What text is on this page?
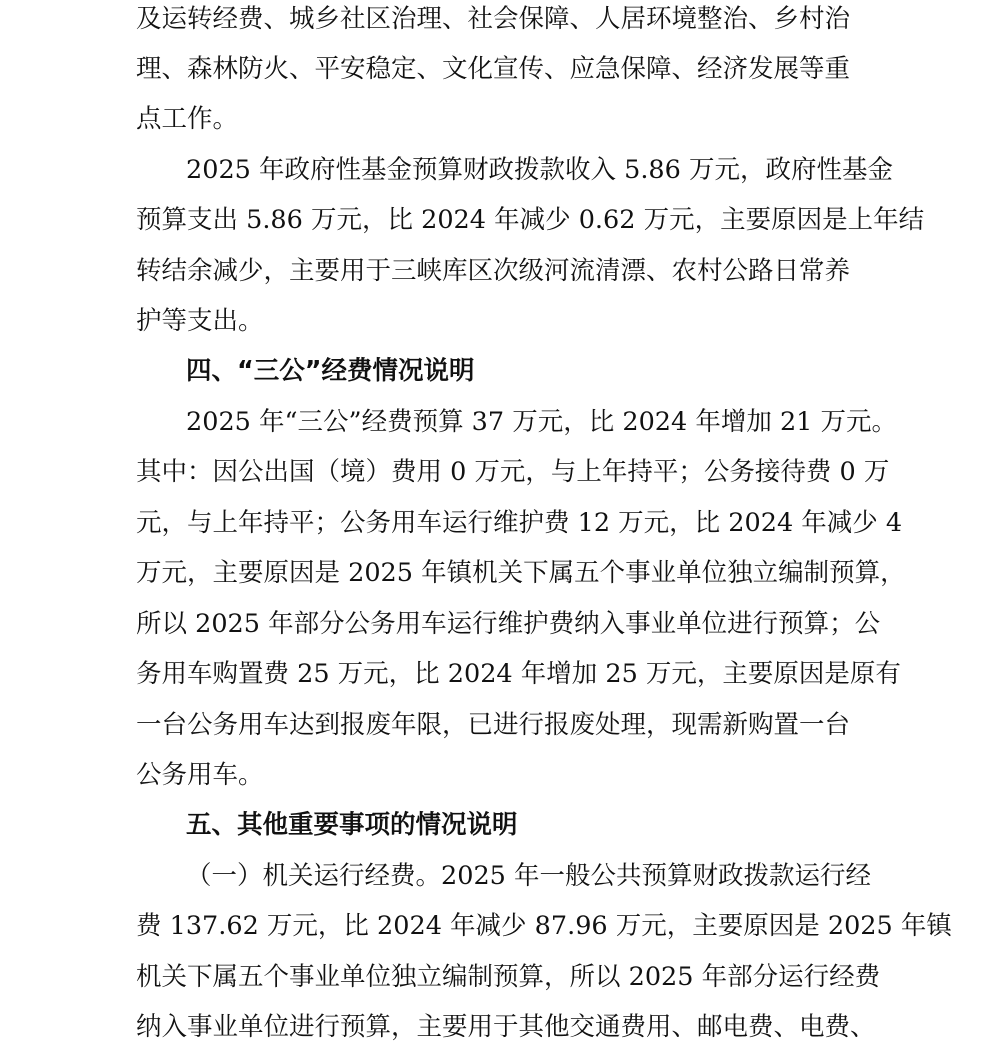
及运转经费、城乡社区治理、社会保障、人居环境整治、乡村治
理、森林防火、平安稳定、文化宣传、应急保障、经济发展等重
点工作。
2025 年政府性基金预算财政拨款收入 5.86 万元，政府性基金
预算支出 5.86 万元，比 2024 年减少 0.62 万元，主要原因是上年结
转结余减少，主要用于三峡库区次级河流清漂、农村公路日常养
护等支出。
四、“三公”经费情况说明
2025 年“三公”经费预算 37 万元，比 2024 年增加 21 万元。
其中：因公出国（境）费用 0 万元，与上年持平；公务接待费 0 万
元，与上年持平；公务用车运行维护费 12 万元，比 2024 年减少 4
万元，主要原因是 2025 年镇机关下属五个事业单位独立编制预算，
所以 2025 年部分公务用车运行维护费纳入事业单位进行预算；公
务用车购置费 25 万元，比 2024 年增加 25 万元，主要原因是原有
一台公务用车达到报废年限，已进行报废处理，现需新购置一台
公务用车。
五、其他重要事项的情况说明
（一）机关运行经费。2025 年一般公共预算财政拨款运行经
费 137.62 万元，比 2024 年减少 87.96 万元，主要原因是 2025 年镇
机关下属五个事业单位独立编制预算，所以 2025 年部分运行经费
纳入事业单位进行预算，主要用于其他交通费用、邮电费、电费、
